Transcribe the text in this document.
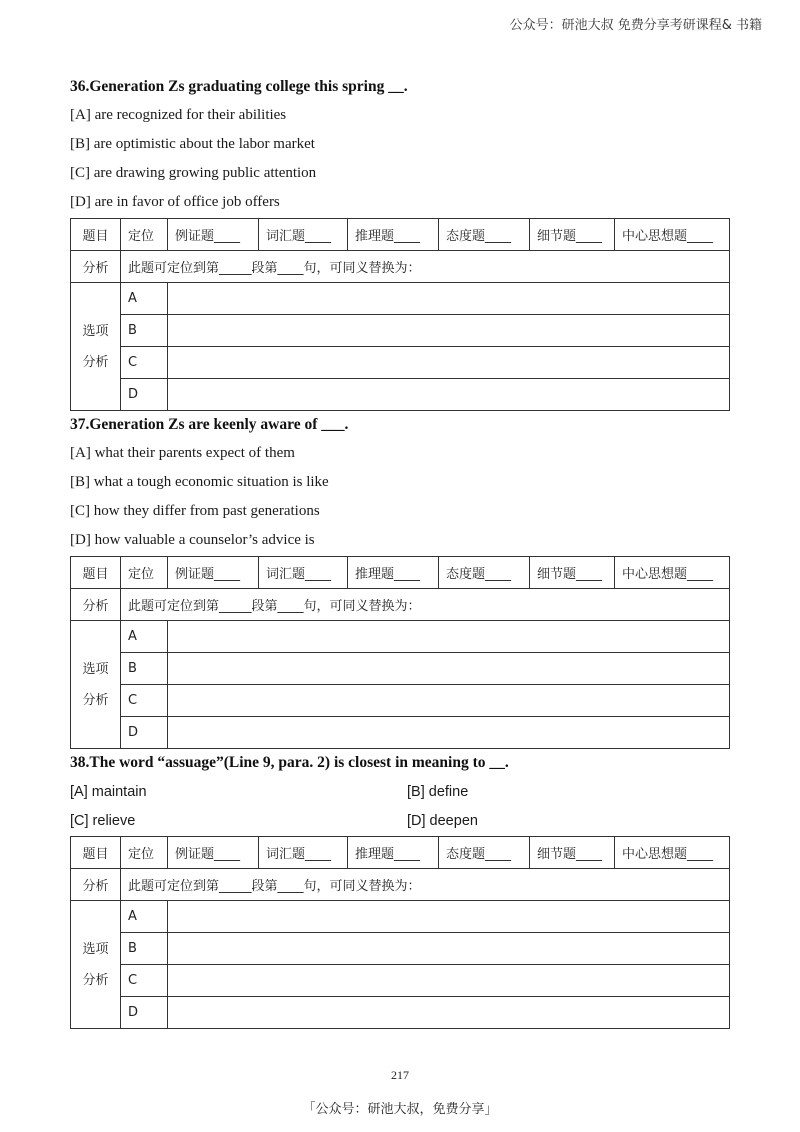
公众号：研池大叔 免费分享考研课程& 书籍
36.Generation Zs graduating college this spring __.
[A] are recognized for their abilities
[B] are optimistic about the labor market
[C] are drawing growing public attention
[D] are in favor of office job offers
题目	定位	例证题____	词汇题____	推理题____	态度题____	细节题____	中心思想题____
分析	此题可定位到第_____段第____句，可同义替换为：						

选项
分析	A						
	B						
	C						
	D						
37.Generation Zs are keenly aware of ___.
[A] what their parents expect of them
[B] what a tough economic situation is like
[C] how they differ from past generations
[D] how valuable a counselor’s advice is
题目	定位	例证题____	词汇题____	推理题____	态度题____	细节题____	中心思想题____
分析	此题可定位到第_____段第____句，可同义替换为：						

选项
分析	A						
	B						
	C						
	D						
38.The word “assuage”(Line 9, para. 2) is closest in meaning to __.
[A] maintain	[B] define
[C] relieve	[D] deepen
题目	定位	例证题____	词汇题____	推理题____	态度题____	细节题____	中心思想题____
分析	此题可定位到第_____段第____句，可同义替换为：						

选项
分析	A						
	B						
	C						
	D						
217
「公众号：研池大叔，免费分享」
